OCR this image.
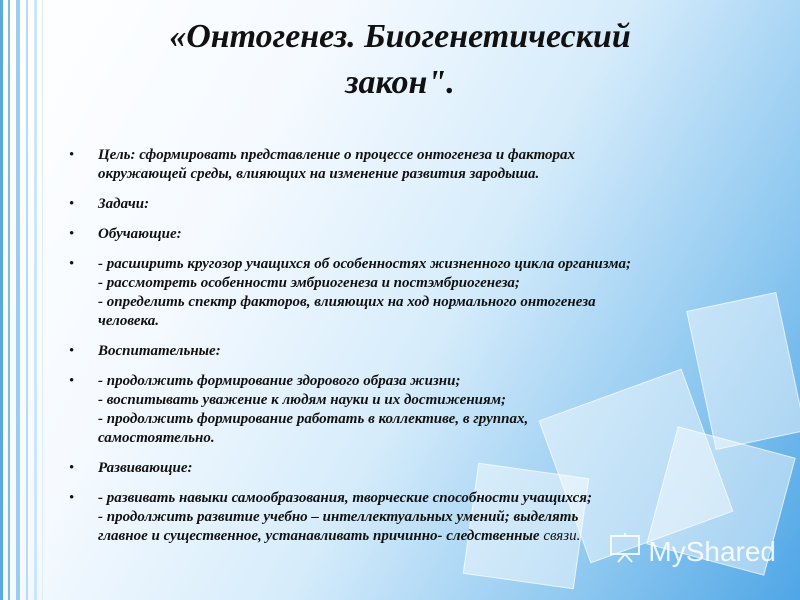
«Онтогенез. Биогенетический
закон".
• Цель: сформировать представление о процессе онтогенеза и факторах
окружающей среды, влияющих на изменение развития зародыша.
• Задачи:
• Обучающие:
• - расширить кругозор учащихся об особенностях жизненного цикла организма;
- рассмотреть особенности эмбриогенеза и постэмбриогенеза;
- определить спектр факторов, влияющих на ход нормального онтогенеза
человека.
• Воспитательные:
• - продолжить формирование здорового образа жизни;
- воспитывать уважение к людям науки и их достижениям;
- продолжить формирование работать в коллективе, в группах,
самостоятельно.
• Развивающие:
• - развивать навыки самообразования, творческие способности учащихся;
- продолжить развитие учебно – интеллектуальных умений; выделять
главное и существенное, устанавливать причинно- следственные связи.	MyShared
